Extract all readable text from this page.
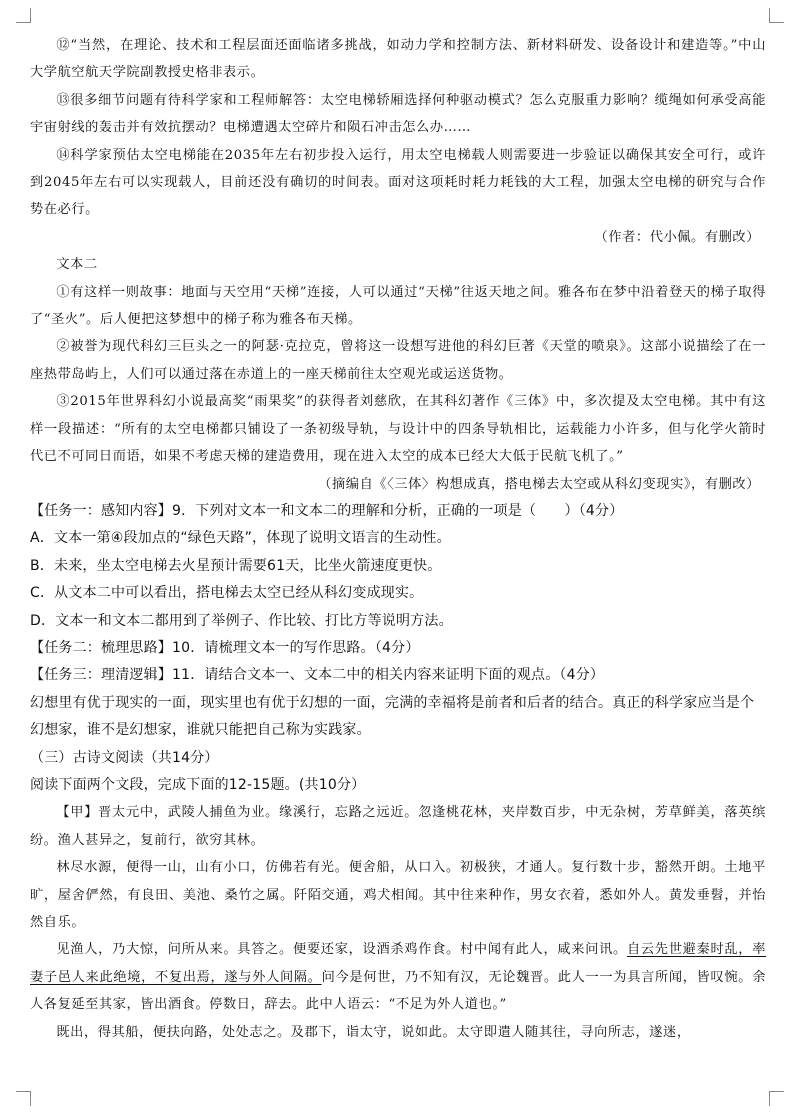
⑫“当然，在理论、技术和工程层面还面临诸多挑战，如动力学和控制方法、新材料研发、设备设计和建造等。”中山大学航空航天学院副教授史格非表示。

⑬很多细节问题有待科学家和工程师解答：太空电梯轿厢选择何种驱动模式？怎么克服重力影响？缆绳如何承受高能宇宙射线的轰击并有效抗摆动？电梯遭遇太空碎片和陨石冲击怎么办……

⑭科学家预估太空电梯能在2035年左右初步投入运行，用太空电梯载人则需要进一步验证以确保其安全可行，或许到2045年左右可以实现载人，目前还没有确切的时间表。面对这项耗时耗力耗钱的大工程，加强太空电梯的研究与合作势在必行。

（作者：代小佩。有删改）

文本二

①有这样一则故事：地面与天空用“天梯”连接，人可以通过“天梯”往返天地之间。雅各布在梦中沿着登天的梯子取得了“圣火”。后人便把这梦想中的梯子称为雅各布天梯。

②被誉为现代科幻三巨头之一的阿瑟·克拉克，曾将这一设想写进他的科幻巨著《天堂的喷泉》。这部小说描绘了在一座热带岛屿上，人们可以通过落在赤道上的一座天梯前往太空观光或运送货物。

③2015年世界科幻小说最高奖“雨果奖”的获得者刘慈欣，在其科幻著作《三体》中，多次提及太空电梯。其中有这样一段描述：“所有的太空电梯都只铺设了一条初级导轨，与设计中的四条导轨相比，运载能力小许多，但与化学火箭时代已不可同日而语，如果不考虑天梯的建造费用，现在进入太空的成本已经大大低于民航飞机了。”

（摘编自《〈三体〉构想成真，搭电梯去太空或从科幻变现实》，有删改）

【任务一：感知内容】9．下列对文本一和文本二的理解和分析，正确的一项是（　　）（4分）

A．文本一第④段加点的“绿色天路”，体现了说明文语言的生动性。

B．未来，坐太空电梯去火星预计需要61天，比坐火箭速度更快。

C．从文本二中可以看出，搭电梯去太空已经从科幻变成现实。

D．文本一和文本二都用到了举例子、作比较、打比方等说明方法。

【任务二：梳理思路】10．请梳理文本一的写作思路。（4分）

【任务三：理清逻辑】11．请结合文本一、文本二中的相关内容来证明下面的观点。（4分）

幻想里有优于现实的一面，现实里也有优于幻想的一面，完满的幸福将是前者和后者的结合。真正的科学家应当是个幻想家，谁不是幻想家，谁就只能把自己称为实践家。

（三）古诗文阅读（共14分）

阅读下面两个文段，完成下面的12-15题。(共10分）

【甲】晋太元中，武陵人捕鱼为业。缘溪行，忘路之远近。忽逢桃花林，夹岸数百步，中无杂树，芳草鲜美，落英缤纷。渔人甚异之，复前行，欲穷其林。

林尽水源，便得一山，山有小口，仿佛若有光。便舍船，从口入。初极狭，才通人。复行数十步，豁然开朗。土地平旷，屋舍俨然，有良田、美池、桑竹之属。阡陌交通，鸡犬相闻。其中往来种作，男女衣着，悉如外人。黄发垂髫，并怡然自乐。

见渔人，乃大惊，问所从来。具答之。便要还家，设酒杀鸡作食。村中闻有此人，咸来问讯。自云先世避秦时乱，率妻子邑人来此绝境，不复出焉，遂与外人间隔。问今是何世，乃不知有汉，无论魏晋。此人一一为具言所闻，皆叹惋。余人各复延至其家，皆出酒食。停数日，辞去。此中人语云：“不足为外人道也。”

既出，得其船，便扶向路，处处志之。及郡下，诣太守，说如此。太守即遣人随其往，寻向所志，遂迷，
